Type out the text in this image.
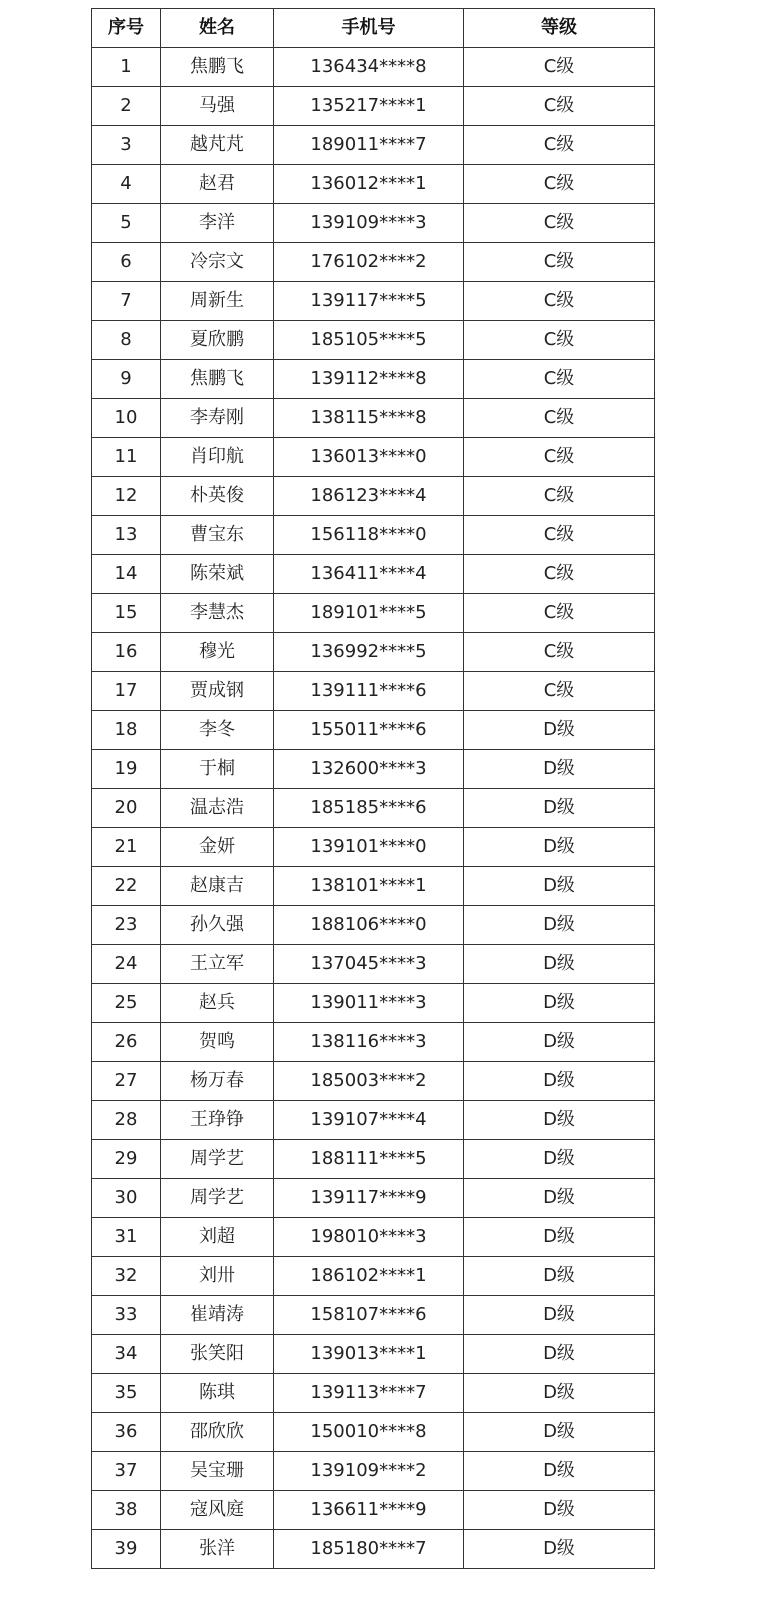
序号	姓名	手机号	等级
1	焦鹏飞	136434****8	C级
2	马强	135217****1	C级
3	越芃芃	189011****7	C级
4	赵君	136012****1	C级
5	李洋	139109****3	C级
6	冷宗文	176102****2	C级
7	周新生	139117****5	C级
8	夏欣鹏	185105****5	C级
9	焦鹏飞	139112****8	C级
10	李寿刚	138115****8	C级
11	肖印航	136013****0	C级
12	朴英俊	186123****4	C级
13	曹宝东	156118****0	C级
14	陈荣斌	136411****4	C级
15	李慧杰	189101****5	C级
16	穆光	136992****5	C级
17	贾成钢	139111****6	C级
18	李冬	155011****6	D级
19	于桐	132600****3	D级
20	温志浩	185185****6	D级
21	金妍	139101****0	D级
22	赵康吉	138101****1	D级
23	孙久强	188106****0	D级
24	王立军	137045****3	D级
25	赵兵	139011****3	D级
26	贺鸣	138116****3	D级
27	杨万春	185003****2	D级
28	王琤铮	139107****4	D级
29	周学艺	188111****5	D级
30	周学艺	139117****9	D级
31	刘超	198010****3	D级
32	刘卅	186102****1	D级
33	崔靖涛	158107****6	D级
34	张笑阳	139013****1	D级
35	陈琪	139113****7	D级
36	邵欣欣	150010****8	D级
37	吴宝珊	139109****2	D级
38	寇风庭	136611****9	D级
39	张洋	185180****7	D级
